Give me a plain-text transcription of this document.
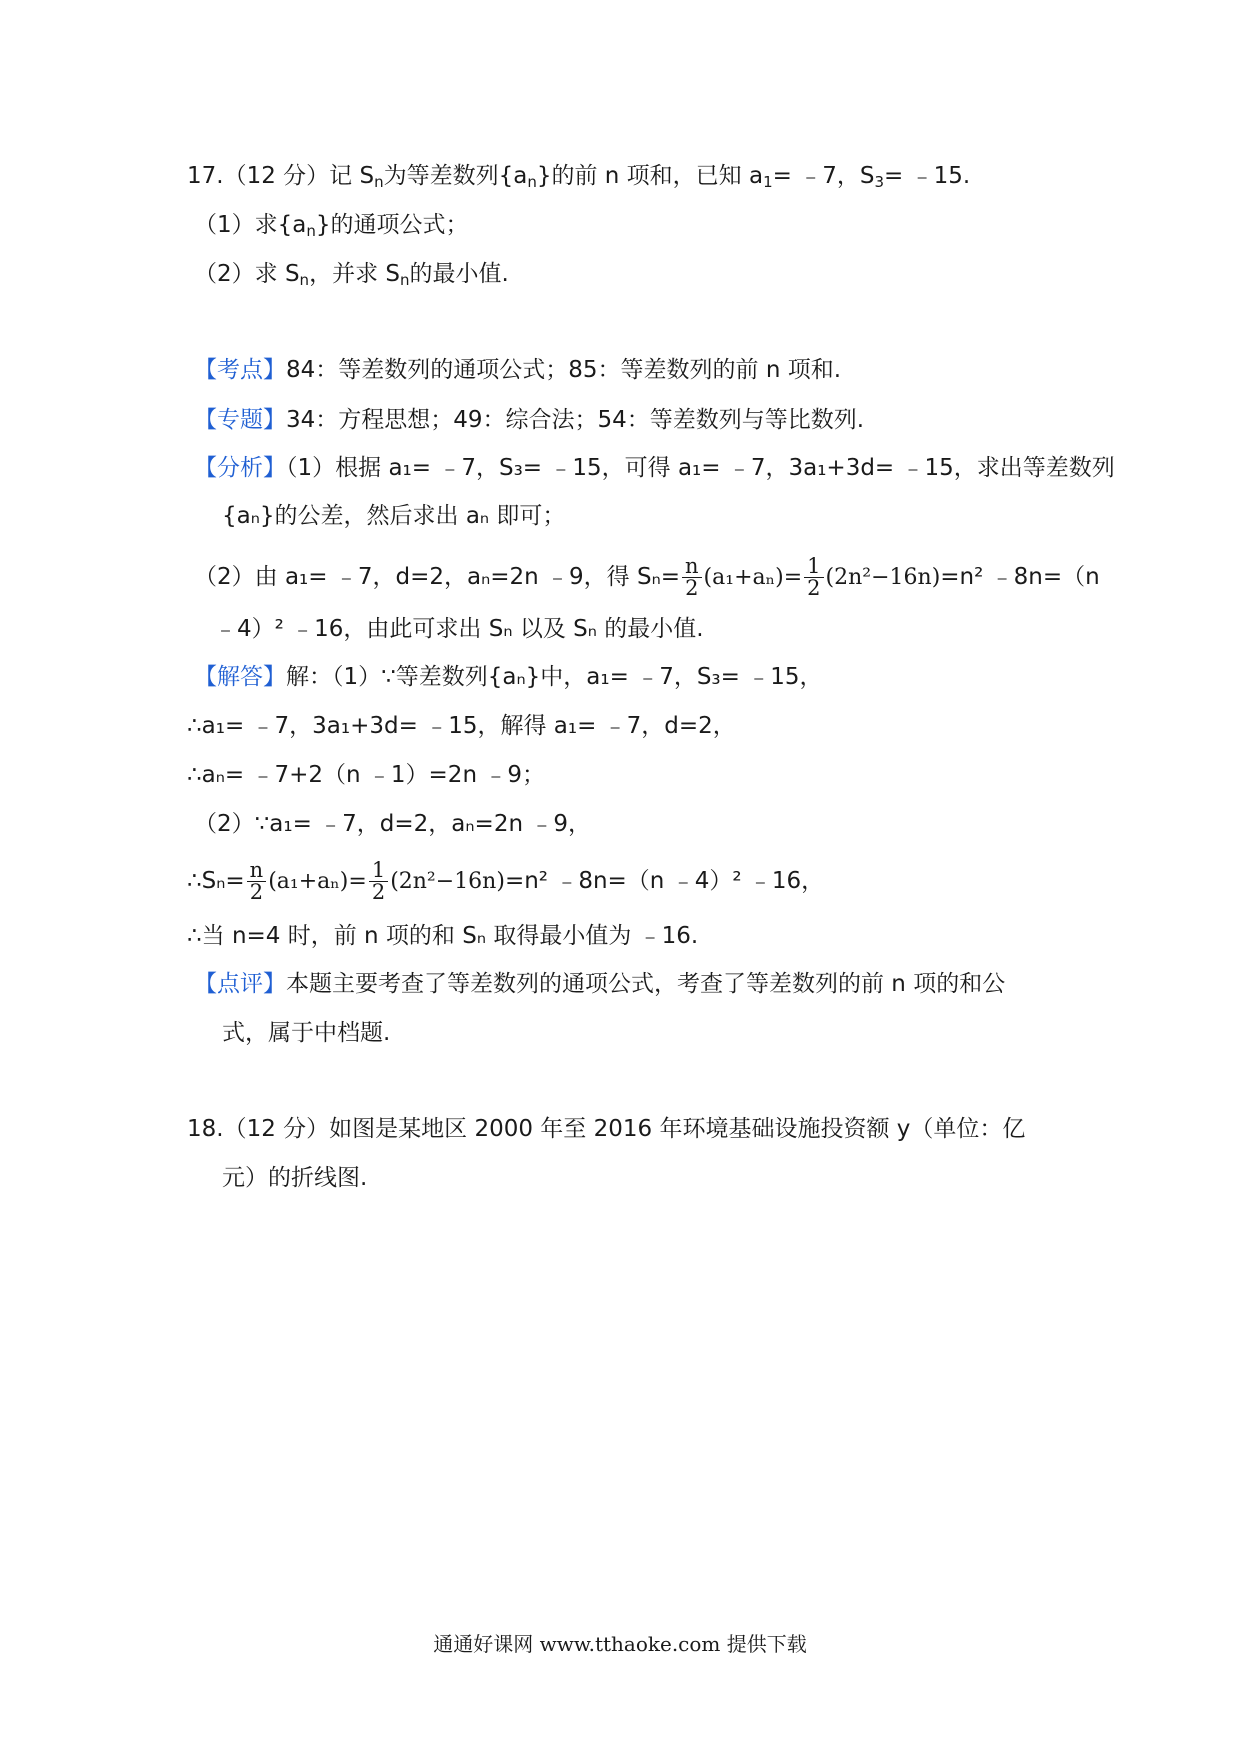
17.（12 分）记 $S_n$为等差数列$\{a_n\}$的前 n 项和，已知 $a_1=$ ﹣7，$S_3=$ ﹣15.
（1）求$\{a_n\}$的通项公式；
（2）求 $S_n$，并求 $S_n$的最小值.
【考点】84：等差数列的通项公式；85：等差数列的前 n 项和.
【专题】34：方程思想；49：综合法；54：等差数列与等比数列.
【分析】（1）根据 a₁= ﹣7，S₃= ﹣15，可得 a₁= ﹣7，3a₁+3d= ﹣15，求出等差数列
{aₙ}的公差，然后求出 aₙ 即可；
（2）由 a₁= ﹣7，d=2，aₙ=2n ﹣9，得 $S_n= \frac{n}{2} (a_1+a_n)= \frac{1}{2} (2n^2-16n)=n^2$ ﹣8n=（n
﹣4）² ﹣16，由此可求出 Sₙ 以及 Sₙ 的最小值.
【解答】解：（1）∵等差数列{aₙ}中，a₁= ﹣7，S₃= ﹣15，
∴a₁= ﹣7，3a₁+3d= ﹣15，解得 a₁= ﹣7，d=2，
∴aₙ= ﹣7+2（n ﹣1）=2n ﹣9；
（2）∵a₁= ﹣7，d=2，aₙ=2n ﹣9，
∴Sₙ= $\frac{n}{2} (a_1+a_n)= \frac{1}{2} (2n^2-16n)=n^2$ ﹣8n=（n ﹣4）² ﹣16，
∴当 n=4 时，前 n 项的和 Sₙ 取得最小值为 ﹣16.
【点评】本题主要考查了等差数列的通项公式，考查了等差数列的前 n 项的和公
式，属于中档题.
18.（12 分）如图是某地区 2000 年至 2016 年环境基础设施投资额 y（单位：亿
元）的折线图.
通通好课网 www.tthaoke.com 提供下载
